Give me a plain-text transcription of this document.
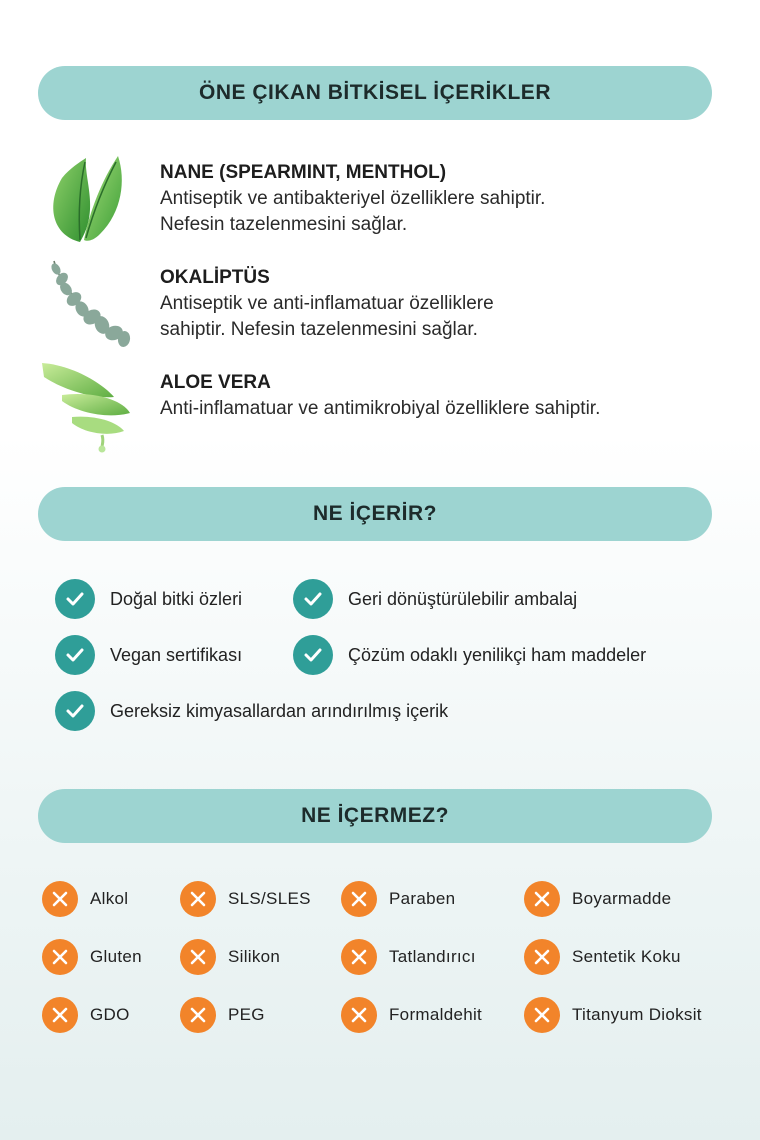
ÖNE ÇIKAN BİTKİSEL İÇERİKLER
NANE (SPEARMINT, MENTHOL)
Antiseptik ve antibakteriyel özelliklere sahiptir.
Nefesin tazelenmesini sağlar.
OKALİPTÜS
Antiseptik ve anti-inflamatuar özelliklere
sahiptir. Nefesin tazelenmesini sağlar.
ALOE VERA
Anti-inflamatuar ve antimikrobiyal özelliklere sahiptir.
NE İÇERİR?
Doğal bitki özleri	Geri dönüştürülebilir ambalaj
Vegan sertifikası	Çözüm odaklı yenilikçi ham maddeler
Gereksiz kimyasallardan arındırılmış içerik
NE İÇERMEZ?
Alkol	SLS/SLES	Paraben	Boyarmadde
Gluten	Silikon	Tatlandırıcı	Sentetik Koku
GDO	PEG	Formaldehit	Titanyum Dioksit
